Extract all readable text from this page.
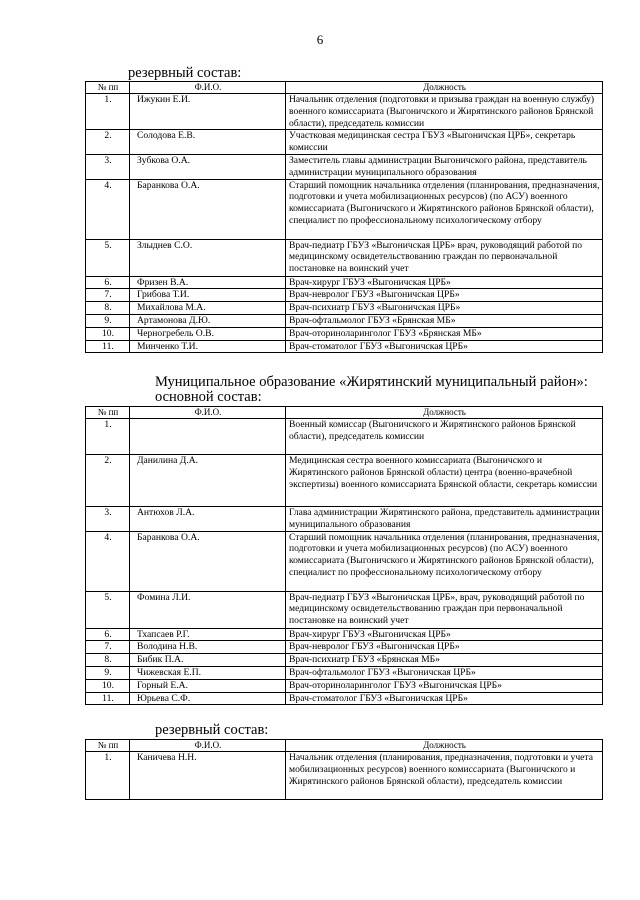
6
резервный состав:
№ пп	Ф.И.О.	Должность
1.	Ижукин Е.И.	Начальник отделения (подготовки и призыва граждан на военную службу) военного комиссариата (Выгоничского и Жирятинского районов Брянской области), председатель комиссии
2.	Солодова Е.В.	Участковая медицинская сестра ГБУЗ «Выгоничская ЦРБ», секретарь комиссии
3.	Зубкова О.А.	Заместитель главы администрации Выгоничского района, представитель администрации муниципального образования
4.	Баранкова О.А.	Старший помощник начальника отделения (планирования, предназначения, подготовки и учета мобилизационных ресурсов) (по АСУ) военного комиссариата (Выгоничского и Жирятинского районов Брянской области), специалист по профессиональному психологическому отбору
5.	Злыднев С.О.	Врач-педиатр ГБУЗ «Выгоничская ЦРБ» врач, руководящий работой по медицинскому освидетельствованию граждан по первоначальной постановке на воинский учет
6.	Фризен В.А.	Врач-хирург ГБУЗ «Выгоничская ЦРБ»
7.	Грибова Т.И.	Врач-невролог ГБУЗ «Выгоничская ЦРБ»
8.	Михайлова М.А.	Врач-психиатр ГБУЗ «Выгоничская ЦРБ»
9.	Артамонова Д.Ю.	Врач-офтальмолог ГБУЗ «Брянская МБ»
10.	Черногребель О.В.	Врач-оториноларинголог ГБУЗ «Брянская МБ»
11.	Минченко Т.И.	Врач-стоматолог ГБУЗ «Выгоничская ЦРБ»
Муниципальное образование «Жирятинский муниципальный район»: основной состав:
№ пп	Ф.И.О.	Должность
1.		Военный комиссар (Выгоничского и Жирятинского районов Брянской области), председатель комиссии
2.	Данилина Д.А.	Медицинская сестра военного комиссариата (Выгоничского и Жирятинского районов Брянской области) центра (военно-врачебной экспертизы) военного комиссариата Брянской области, секретарь комиссии
3.	Антюхов Л.А.	Глава администрации Жирятинского района, представитель администрации муниципального образования
4.	Баранкова О.А.	Старший помощник начальника отделения (планирования, предназначения, подготовки и учета мобилизационных ресурсов) (по АСУ) военного комиссариата (Выгоничского и Жирятинского районов Брянской области), специалист по профессиональному психологическому отбору
5.	Фомина Л.И.	Врач-педиатр ГБУЗ «Выгоничская ЦРБ», врач, руководящий работой по медицинскому освидетельствованию граждан при первоначальной постановке на воинский учет
6.	Тхапсаев Р.Г.	Врач-хирург ГБУЗ «Выгоничская ЦРБ»
7.	Володина Н.В.	Врач-невролог ГБУЗ «Выгоничская ЦРБ»
8.	Бибик П.А.	Врач-психиатр ГБУЗ «Брянская МБ»
9.	Чижевская Е.П.	Врач-офтальмолог ГБУЗ «Выгоничская ЦРБ»
10.	Горный Е.А.	Врач-оториноларинголог ГБУЗ «Выгоничская ЦРБ»
11.	Юрьева С.Ф.	Врач-стоматолог ГБУЗ «Выгоничская ЦРБ»
резервный состав:
№ пп	Ф.И.О.	Должность
1.	Каничева Н.Н.	Начальник отделения (планирования, предназначения, подготовки и учета мобилизационных ресурсов) военного комиссариата (Выгоничского и Жирятинского районов Брянской области), председатель комиссии
